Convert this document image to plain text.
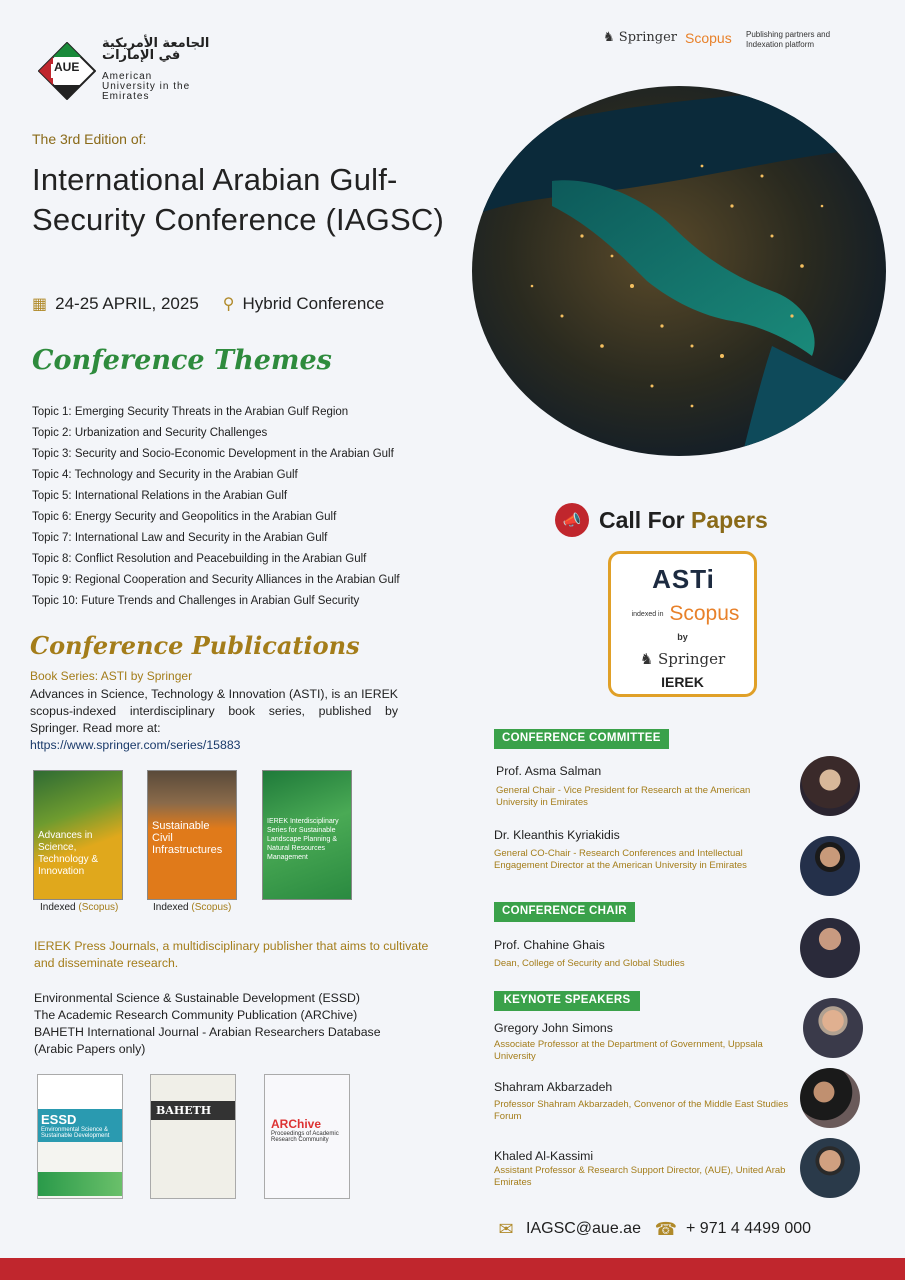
AUE
الجامعة الأمريكية في الإمارات
American University in the Emirates
♞ Springer Scopus Publishing partners and Indexation platform
The 3rd Edition of:
International Arabian Gulf-Security Conference (IAGSC)
▦ 24-25 APRIL, 2025 ⚲ Hybrid Conference
Conference Themes
Topic 1: Emerging Security Threats in the Arabian Gulf Region
Topic 2: Urbanization and Security Challenges
Topic 3: Security and Socio-Economic Development in the Arabian Gulf
Topic 4: Technology and Security in the Arabian Gulf
Topic 5: International Relations in the Arabian Gulf
Topic 6: Energy Security and Geopolitics in the Arabian Gulf
Topic 7: International Law and Security in the Arabian Gulf
Topic 8: Conflict Resolution and Peacebuilding in the Arabian Gulf
Topic 9: Regional Cooperation and Security Alliances in the Arabian Gulf
Topic 10: Future Trends and Challenges in Arabian Gulf Security
Conference Publications
Book Series: ASTI by Springer
Advances in Science, Technology & Innovation (ASTI), is an IEREK scopus-indexed interdisciplinary book series, published by Springer. Read more at:
https://www.springer.com/series/15883
Advances in Science, Technology & Innovation
Indexed (Scopus)
Sustainable Civil Infrastructures
Indexed (Scopus)
IEREK Interdisciplinary Series for Sustainable Landscape Planning & Natural Resources Management
IEREK Press Journals, a multidisciplinary publisher that aims to cultivate and disseminate research.
Environmental Science & Sustainable Development (ESSD)
The Academic Research Community Publication (ARChive)
BAHETH International Journal - Arabian Researchers Database (Arabic Papers only)
ESSD
Environmental Science & Sustainable Development
BAHETH
ARChive
Proceedings of Academic Research Community
📣 Call For Papers
ASTi
indexed in Scopus
by
♞ Springer
IEREK
CONFERENCE COMMITTEE
Prof. Asma Salman
General Chair - Vice President for Research at the American University in Emirates
Dr. Kleanthis Kyriakidis
General CO-Chair - Research Conferences and Intellectual Engagement Director at the American University in Emirates
CONFERENCE CHAIR
Prof. Chahine Ghais
Dean, College of Security and Global Studies
KEYNOTE SPEAKERS
Gregory John Simons
Associate Professor at the Department of Government, Uppsala University
Shahram Akbarzadeh
Professor Shahram Akbarzadeh, Convenor of the Middle East Studies Forum
Khaled Al-Kassimi
Assistant Professor & Research Support Director, (AUE), United Arab Emirates
✉ IAGSC@aue.ae ☎ + 971 4 4499 000
